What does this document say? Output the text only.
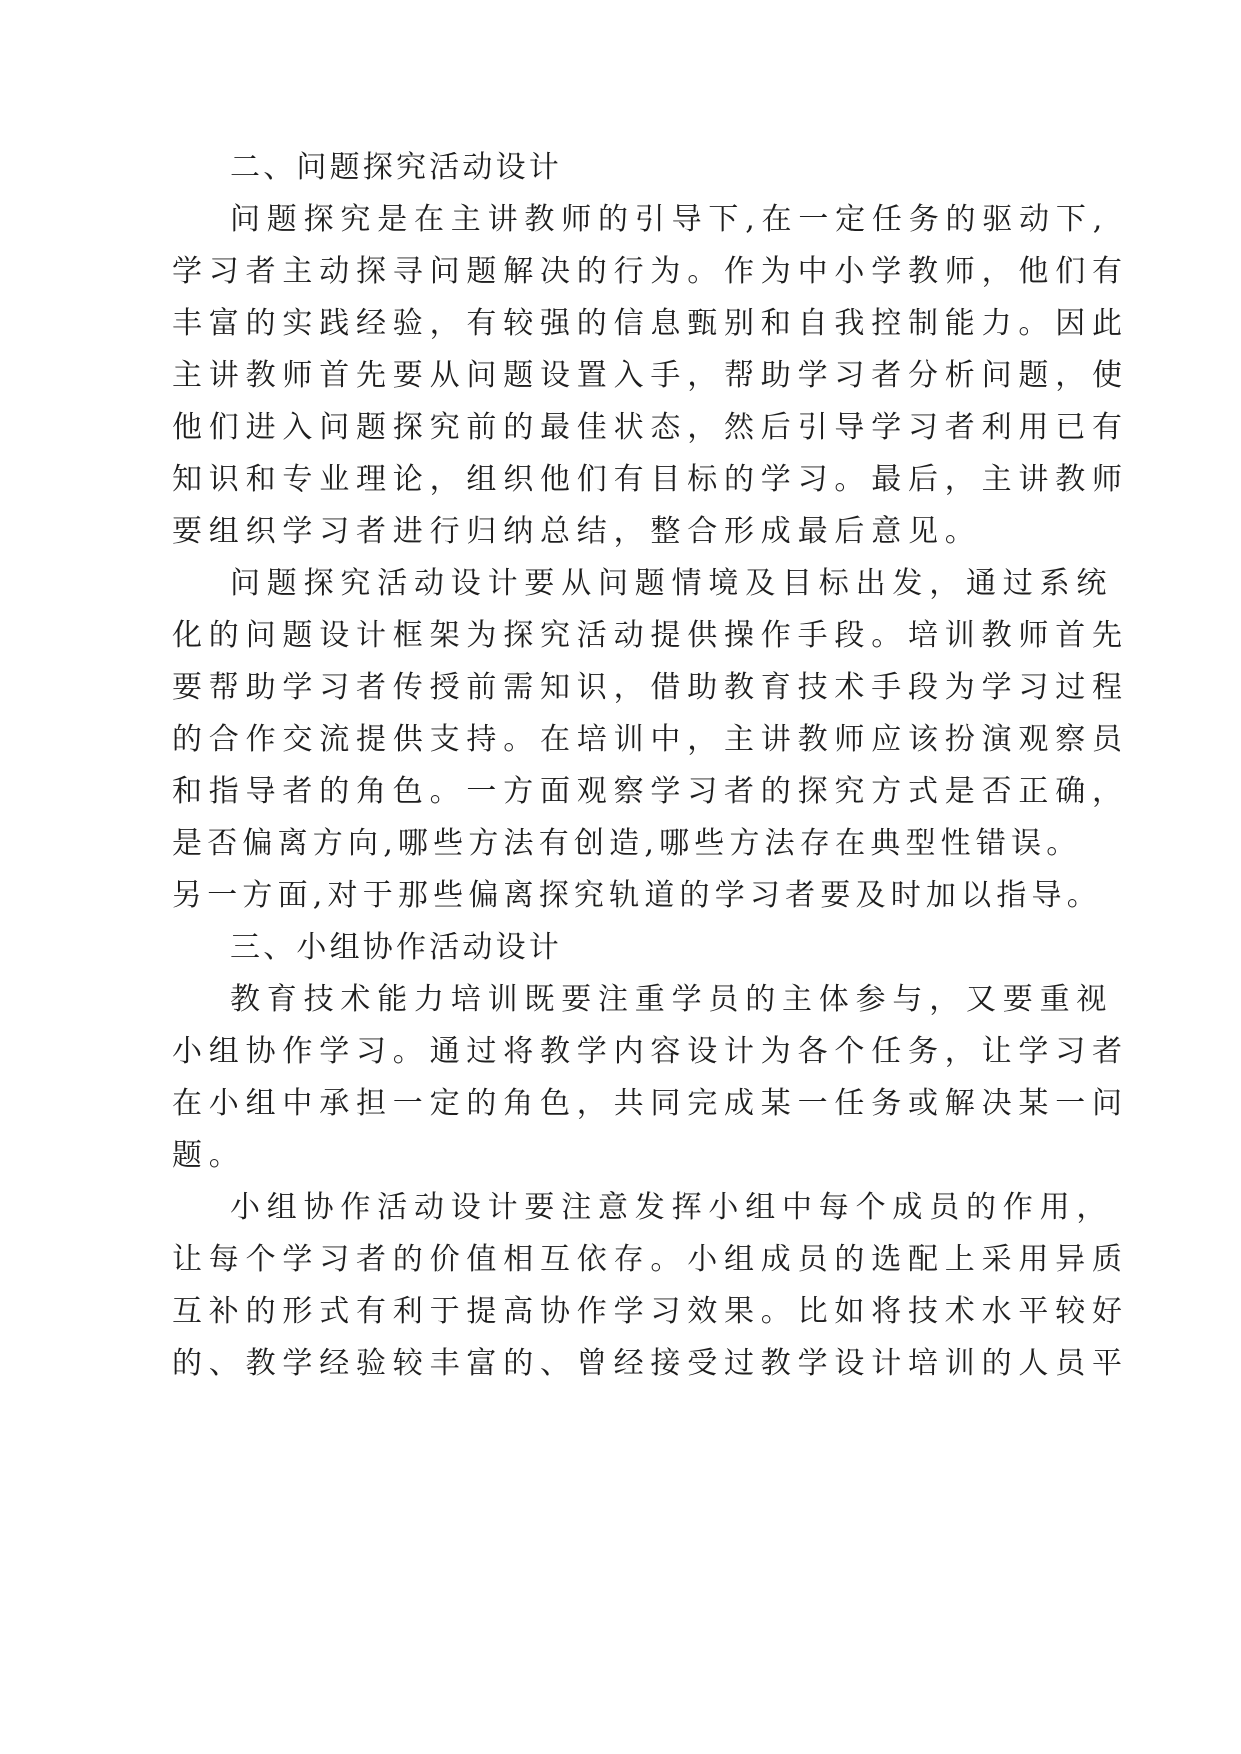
二、问题探究活动设计
问题探究是在主讲教师的引导下,在一定任务的驱动下,
学习者主动探寻问题解决的行为。作为中小学教师，他们有
丰富的实践经验，有较强的信息甄别和自我控制能力。因此
主讲教师首先要从问题设置入手，帮助学习者分析问题，使
他们进入问题探究前的最佳状态，然后引导学习者利用已有
知识和专业理论，组织他们有目标的学习。最后，主讲教师
要组织学习者进行归纳总结，整合形成最后意见。
问题探究活动设计要从问题情境及目标出发，通过系统
化的问题设计框架为探究活动提供操作手段。培训教师首先
要帮助学习者传授前需知识，借助教育技术手段为学习过程
的合作交流提供支持。在培训中，主讲教师应该扮演观察员
和指导者的角色。一方面观察学习者的探究方式是否正确，
是否偏离方向,哪些方法有创造,哪些方法存在典型性错误。
另一方面,对于那些偏离探究轨道的学习者要及时加以指导。
三、小组协作活动设计
教育技术能力培训既要注重学员的主体参与，又要重视
小组协作学习。通过将教学内容设计为各个任务，让学习者
在小组中承担一定的角色，共同完成某一任务或解决某一问
题。
小组协作活动设计要注意发挥小组中每个成员的作用，
让每个学习者的价值相互依存。小组成员的选配上采用异质
互补的形式有利于提高协作学习效果。比如将技术水平较好
的、教学经验较丰富的、曾经接受过教学设计培训的人员平
